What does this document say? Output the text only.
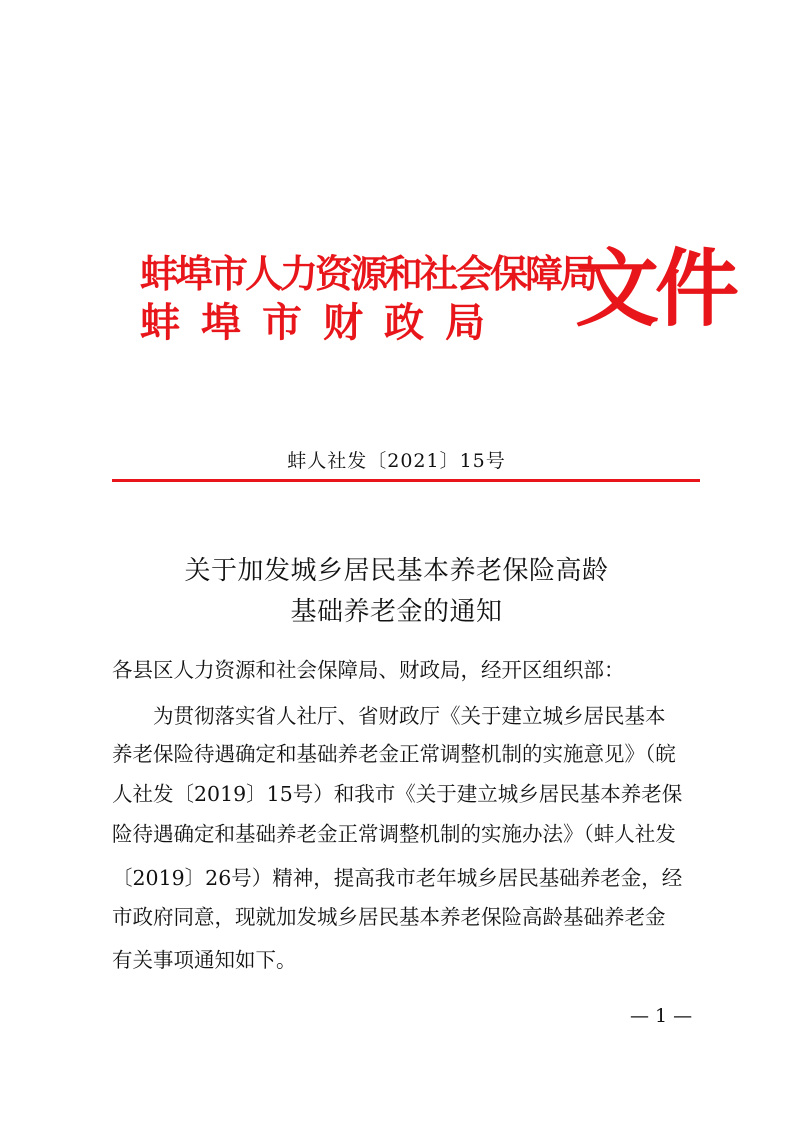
蚌埠市人力资源和社会保障局
蚌埠市财政局 文件
蚌人社发〔2021〕15号
关于加发城乡居民基本养老保险高龄
基础养老金的通知
各县区人力资源和社会保障局、财政局，经开区组织部：
　　为贯彻落实省人社厅、省财政厅《关于建立城乡居民基本
养老保险待遇确定和基础养老金正常调整机制的实施意见》（皖
人社发〔2019〕15号）和我市《关于建立城乡居民基本养老保
险待遇确定和基础养老金正常调整机制的实施办法》（蚌人社发
〔2019〕26号）精神，提高我市老年城乡居民基础养老金，经
市政府同意，现就加发城乡居民基本养老保险高龄基础养老金
有关事项通知如下。
— 1 —
